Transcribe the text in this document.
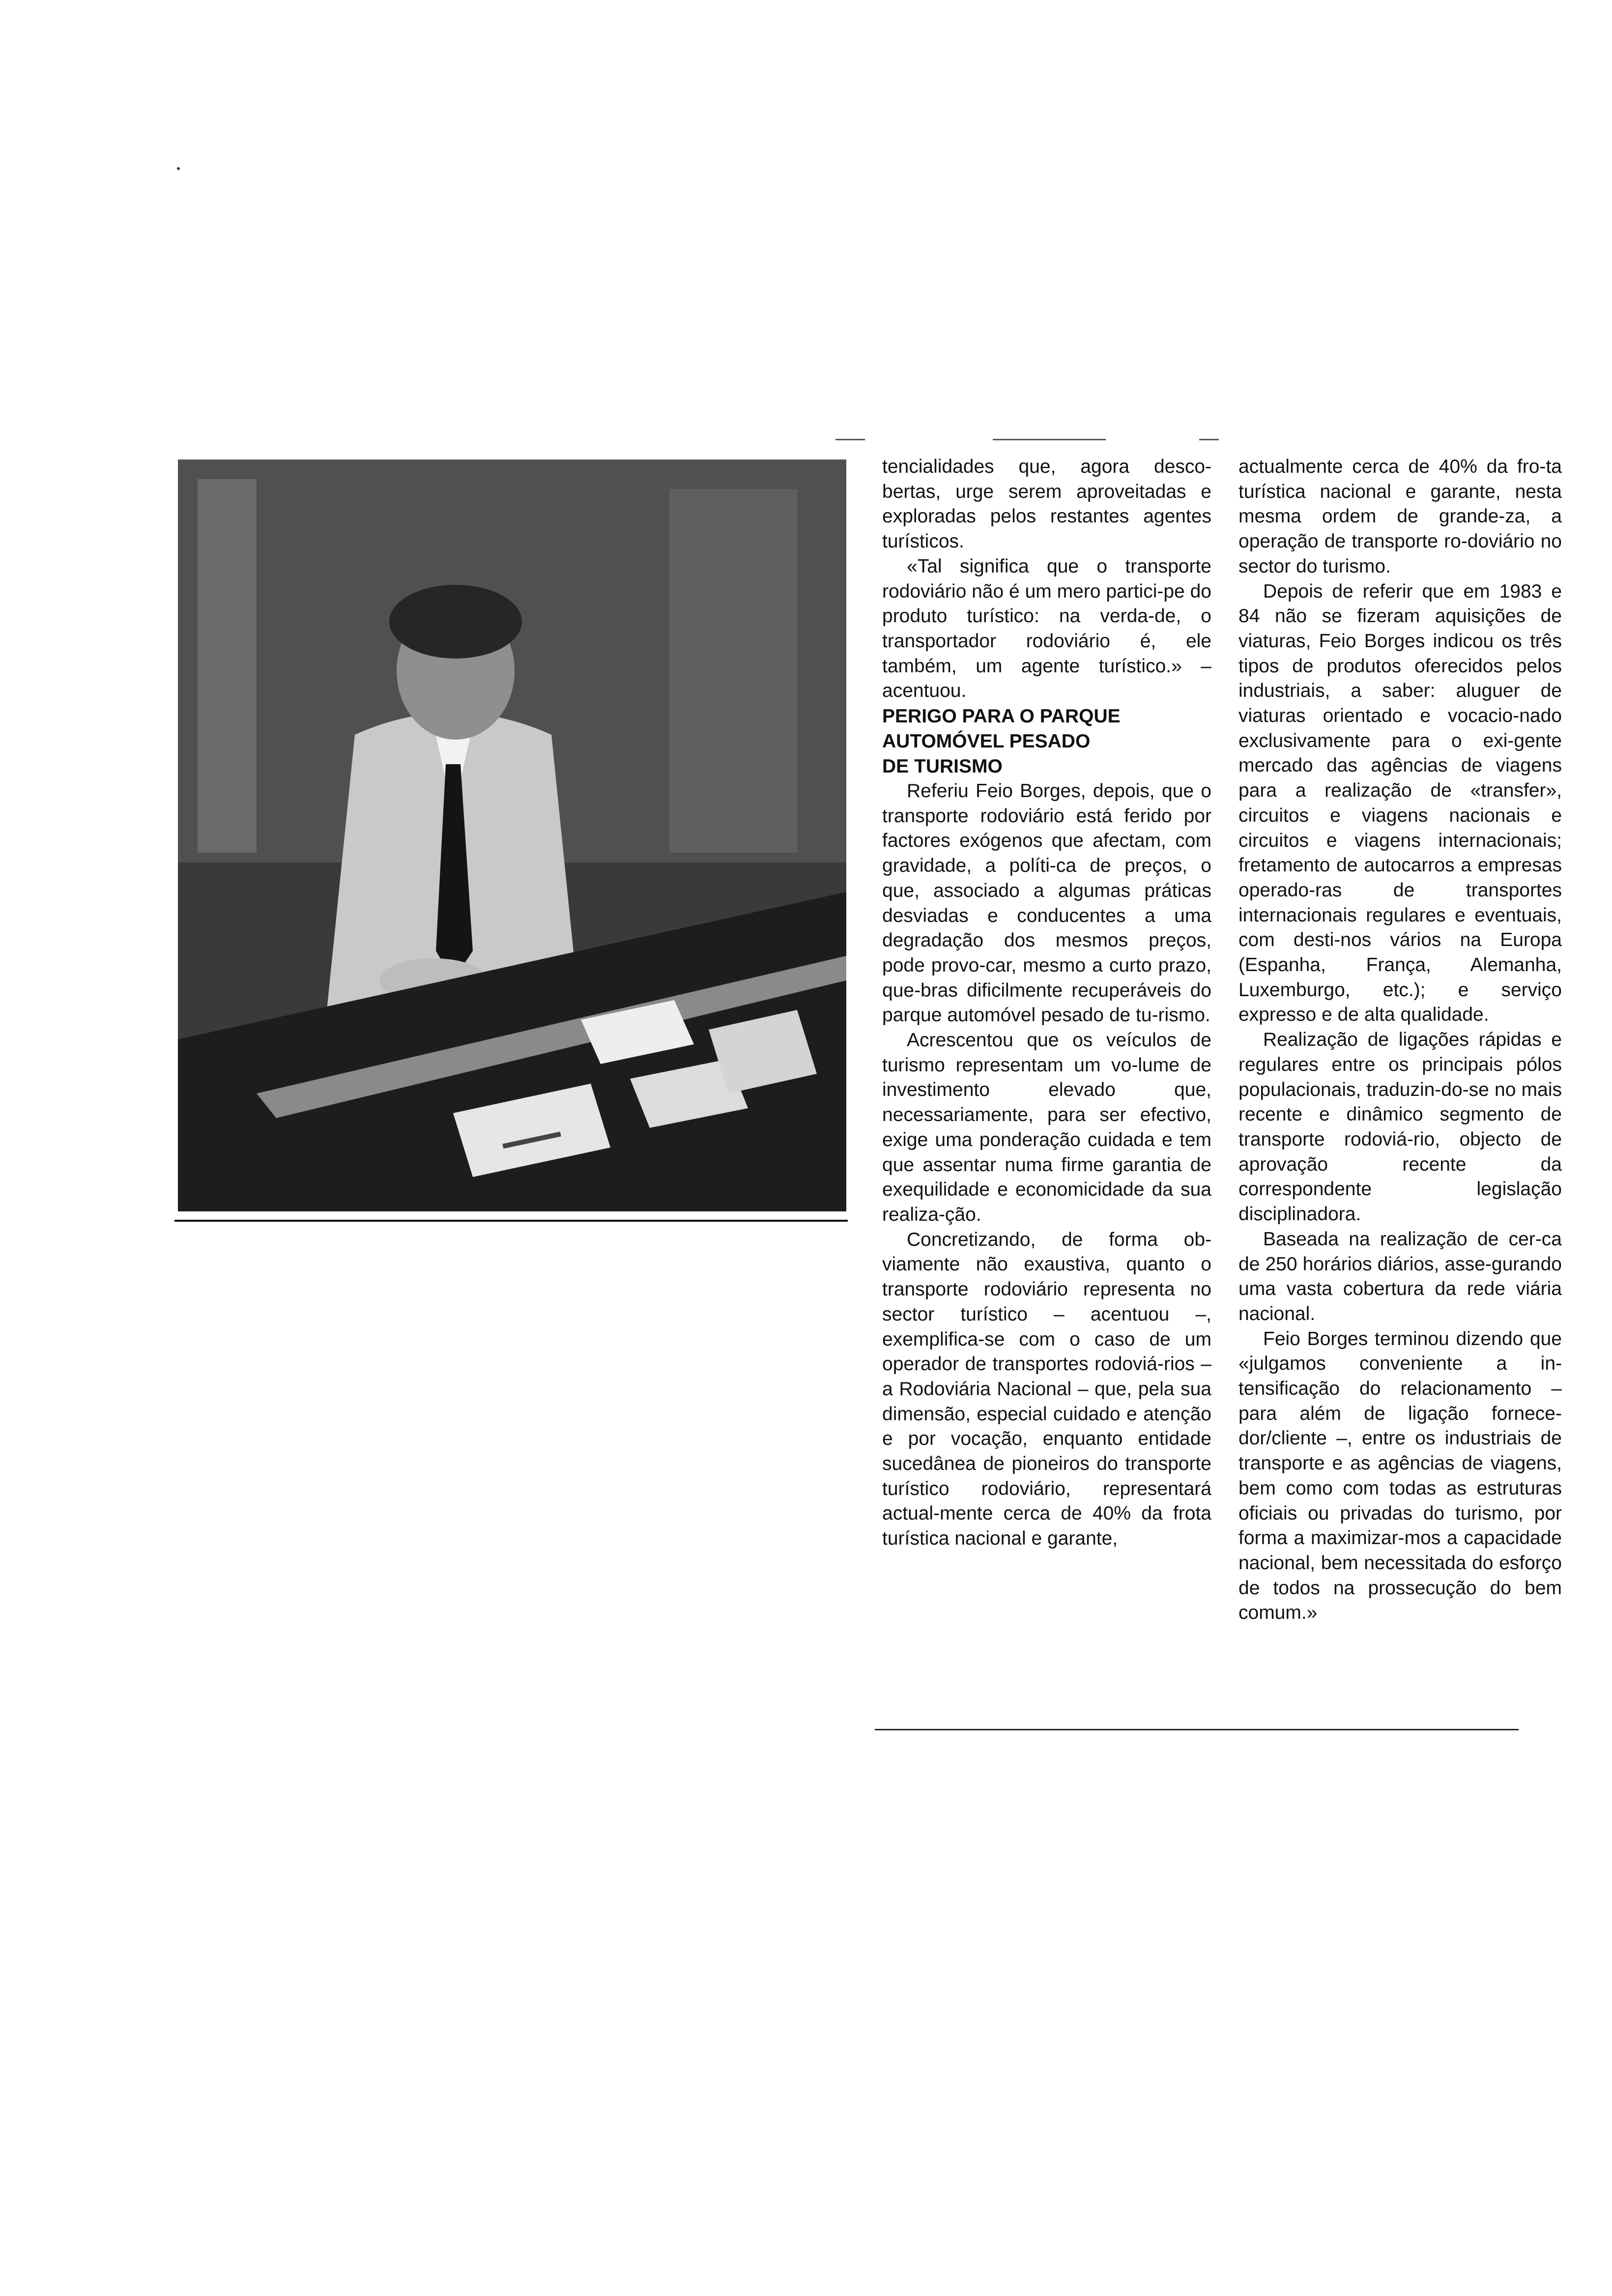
tencialidades que, agora desco-bertas, urge serem aproveitadas e exploradas pelos restantes agentes turísticos.

«Tal significa que o transporte rodoviário não é um mero partici-pe do produto turístico: na verda-de, o transportador rodoviário é, ele também, um agente turístico.» – acentuou.

PERIGO PARA O PARQUE

AUTOMÓVEL PESADO

DE TURISMO

Referiu Feio Borges, depois, que o transporte rodoviário está ferido por factores exógenos que afectam, com gravidade, a políti-ca de preços, o que, associado a algumas práticas desviadas e conducentes a uma degradação dos mesmos preços, pode provo-car, mesmo a curto prazo, que-bras dificilmente recuperáveis do parque automóvel pesado de tu-rismo.

Acrescentou que os veículos de turismo representam um vo-lume de investimento elevado que, necessariamente, para ser efectivo, exige uma ponderação cuidada e tem que assentar numa firme garantia de exequilidade e economicidade da sua realiza-ção.

Concretizando, de forma ob-viamente não exaustiva, quanto o transporte rodoviário representa no sector turístico – acentuou –, exemplifica-se com o caso de um operador de transportes rodoviá-rios – a Rodoviária Nacional – que, pela sua dimensão, especial cuidado e atenção e por vocação, enquanto entidade sucedânea de pioneiros do transporte turístico rodoviário, representará actual-mente cerca de 40% da frota turística nacional e garante,

actualmente cerca de 40% da fro-ta turística nacional e garante, nesta mesma ordem de grande-za, a operação de transporte ro-doviário no sector do turismo.

Depois de referir que em 1983 e 84 não se fizeram aquisições de viaturas, Feio Borges indicou os três tipos de produtos oferecidos pelos industriais, a saber: aluguer de viaturas orientado e vocacio-nado exclusivamente para o exi-gente mercado das agências de viagens para a realização de «transfer», circuitos e viagens nacionais e circuitos e viagens internacionais; fretamento de autocarros a empresas operado-ras de transportes internacionais regulares e eventuais, com desti-nos vários na Europa (Espanha, França, Alemanha, Luxemburgo, etc.); e serviço expresso e de alta qualidade.

Realização de ligações rápidas e regulares entre os principais pólos populacionais, traduzin-do-se no mais recente e dinâmico segmento de transporte rodoviá-rio, objecto de aprovação recente da correspondente legislação disciplinadora.

Baseada na realização de cer-ca de 250 horários diários, asse-gurando uma vasta cobertura da rede viária nacional.

Feio Borges terminou dizendo que «julgamos conveniente a in-tensificação do relacionamento – para além de ligação fornece-dor/cliente –, entre os industriais de transporte e as agências de viagens, bem como com todas as estruturas oficiais ou privadas do turismo, por forma a maximizar-mos a capacidade nacional, bem necessitada do esforço de todos na prossecução do bem comum.»
